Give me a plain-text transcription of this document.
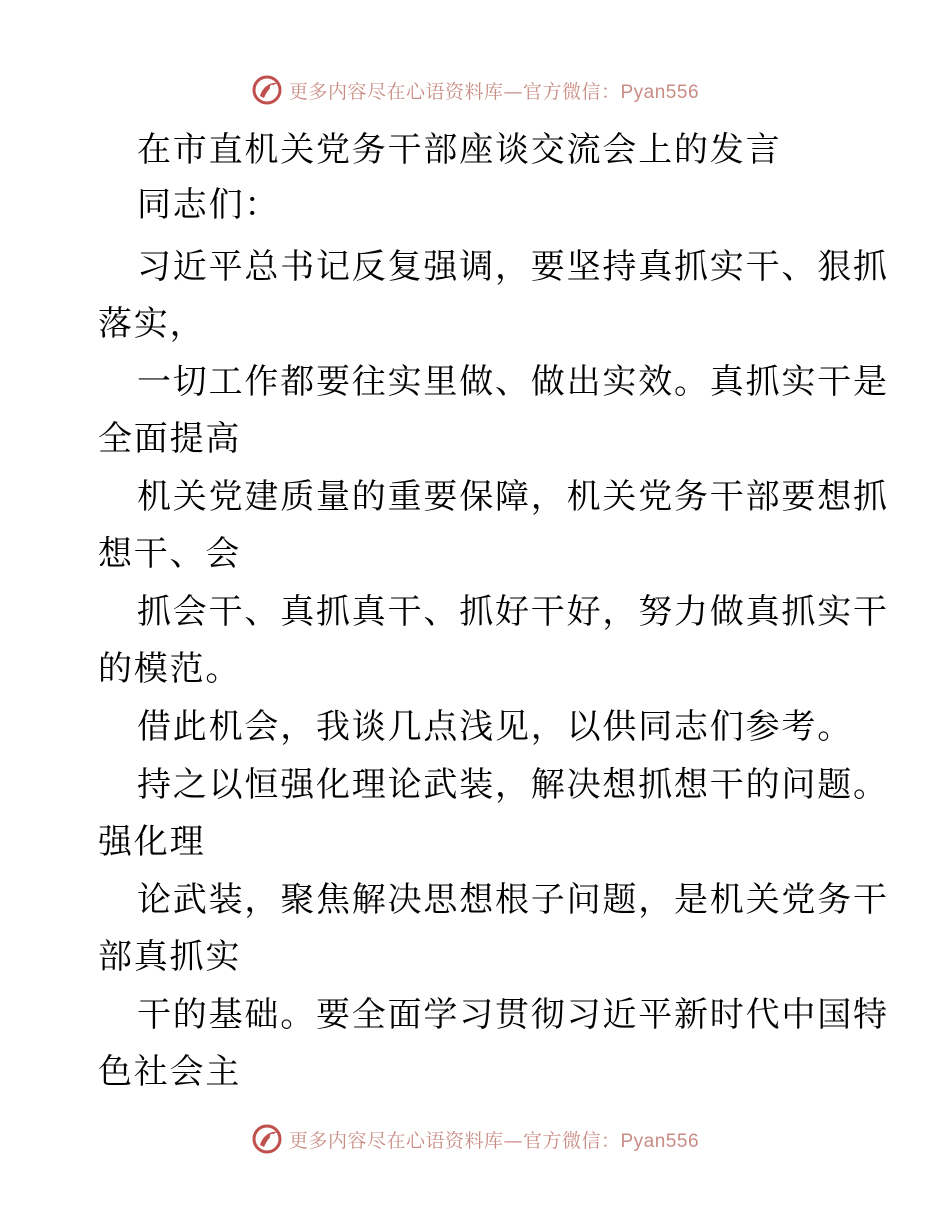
更多内容尽在心语资料库—官方微信：Pyan556
在市直机关党务干部座谈交流会上的发言
同志们：
习近平总书记反复强调，要坚持真抓实干、狠抓
落实，
一切工作都要往实里做、做出实效。真抓实干是
全面提高
机关党建质量的重要保障，机关党务干部要想抓
想干、会
抓会干、真抓真干、抓好干好，努力做真抓实干
的模范。
借此机会，我谈几点浅见，以供同志们参考。
持之以恒强化理论武装，解决想抓想干的问题。
强化理
论武装，聚焦解决思想根子问题，是机关党务干
部真抓实
干的基础。要全面学习贯彻习近平新时代中国特
色社会主
更多内容尽在心语资料库—官方微信：Pyan556
